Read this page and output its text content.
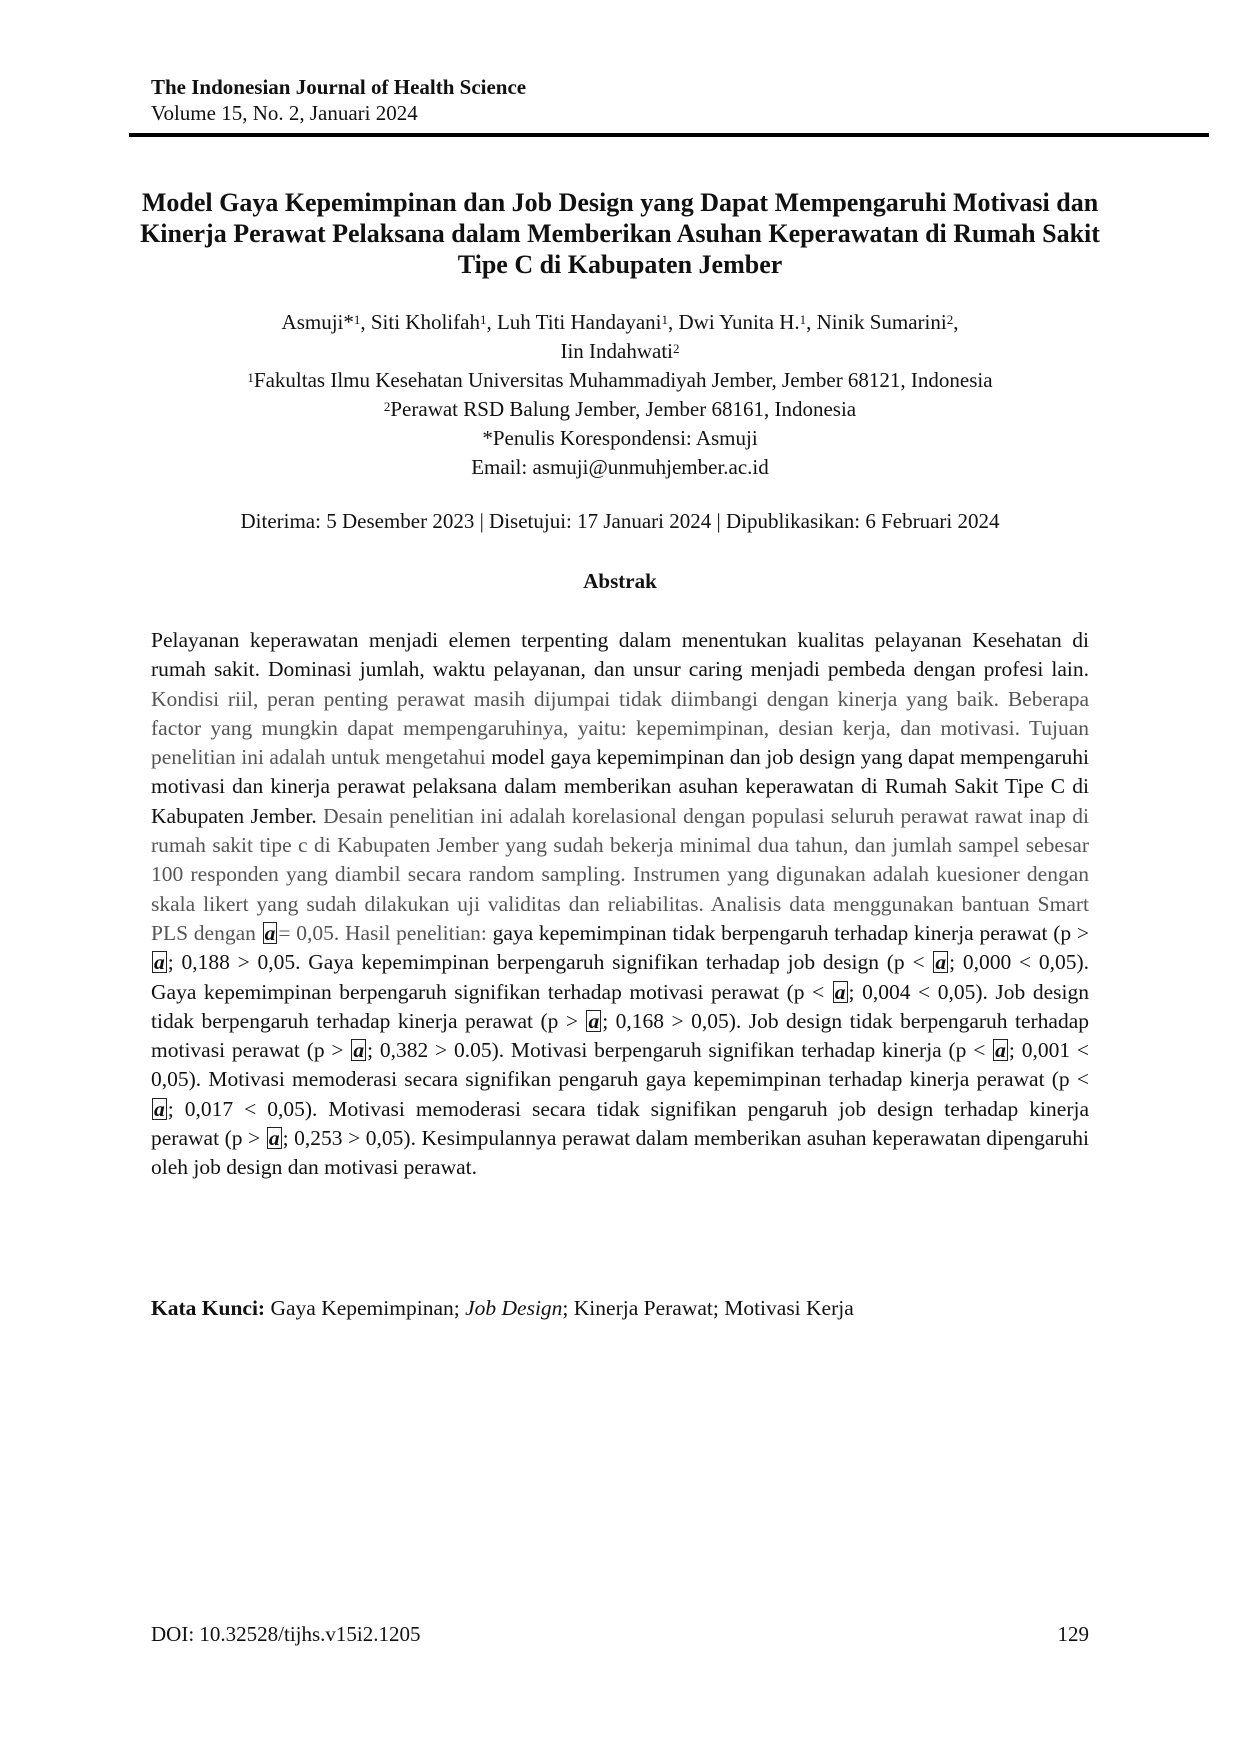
The Indonesian Journal of Health Science

Volume 15, No. 2, Januari 2024

Model Gaya Kepemimpinan dan Job Design yang Dapat Mempengaruhi Motivasi dan Kinerja Perawat Pelaksana dalam Memberikan Asuhan Keperawatan di Rumah Sakit Tipe C di Kabupaten Jember
Asmuji*$^1$, Siti Kholifah$^1$, Luh Titi Handayani$^1$, Dwi Yunita H.$^1$, Ninik Sumarini$^2$,
Iin Indahwati$^2$
$^1$Fakultas Ilmu Kesehatan Universitas Muhammadiyah Jember, Jember 68121, Indonesia
$^2$Perawat RSD Balung Jember, Jember 68161, Indonesia
*Penulis Korespondensi: Asmuji
Email: asmuji@unmuhjember.ac.id
Diterima: 5 Desember 2023 | Disetujui: 17 Januari 2024 | Dipublikasikan: 6 Februari 2024
Abstrak

Pelayanan keperawatan menjadi elemen terpenting dalam menentukan kualitas pelayanan Kesehatan di rumah sakit. Dominasi jumlah, waktu pelayanan, dan unsur caring menjadi pembeda dengan profesi lain. Kondisi riil, peran penting perawat masih dijumpai tidak diimbangi dengan kinerja yang baik. Beberapa factor yang mungkin dapat mempengaruhinya, yaitu: kepemimpinan, desian kerja, dan motivasi. Tujuan penelitian ini adalah untuk mengetahui model gaya kepemimpinan dan job design yang dapat mempengaruhi motivasi dan kinerja perawat pelaksana dalam memberikan asuhan keperawatan di Rumah Sakit Tipe C di Kabupaten Jember. Desain penelitian ini adalah korelasional dengan populasi seluruh perawat rawat inap di rumah sakit tipe c di Kabupaten Jember yang sudah bekerja minimal dua tahun, dan jumlah sampel sebesar 100 responden yang diambil secara random sampling. Instrumen yang digunakan adalah kuesioner dengan skala likert yang sudah dilakukan uji validitas dan reliabilitas. Analisis data menggunakan bantuan Smart PLS dengan a = 0,05. Hasil penelitian: gaya kepemimpinan tidak berpengaruh terhadap kinerja perawat (p > a ; 0,188 > 0,05. Gaya kepemimpinan berpengaruh signifikan terhadap job design (p < a ; 0,000 < 0,05). Gaya kepemimpinan berpengaruh signifikan terhadap motivasi perawat (p < a ; 0,004 < 0,05). Job design tidak berpengaruh terhadap kinerja perawat (p > a ; 0,168 > 0,05). Job design tidak berpengaruh terhadap motivasi perawat (p > a ; 0,382 > 0.05). Motivasi berpengaruh signifikan terhadap kinerja (p < a ; 0,001 < 0,05). Motivasi memoderasi secara signifikan pengaruh gaya kepemimpinan terhadap kinerja perawat (p < a ; 0,017 < 0,05). Motivasi memoderasi secara tidak signifikan pengaruh job design terhadap kinerja perawat (p > a ; 0,253 > 0,05). Kesimpulannya perawat dalam memberikan asuhan keperawatan dipengaruhi oleh job design dan motivasi perawat.

Kata Kunci: Gaya Kepemimpinan; Job Design; Kinerja Perawat; Motivasi Kerja
DOI: 10.32528/tijhs.v15i2.1205	129
